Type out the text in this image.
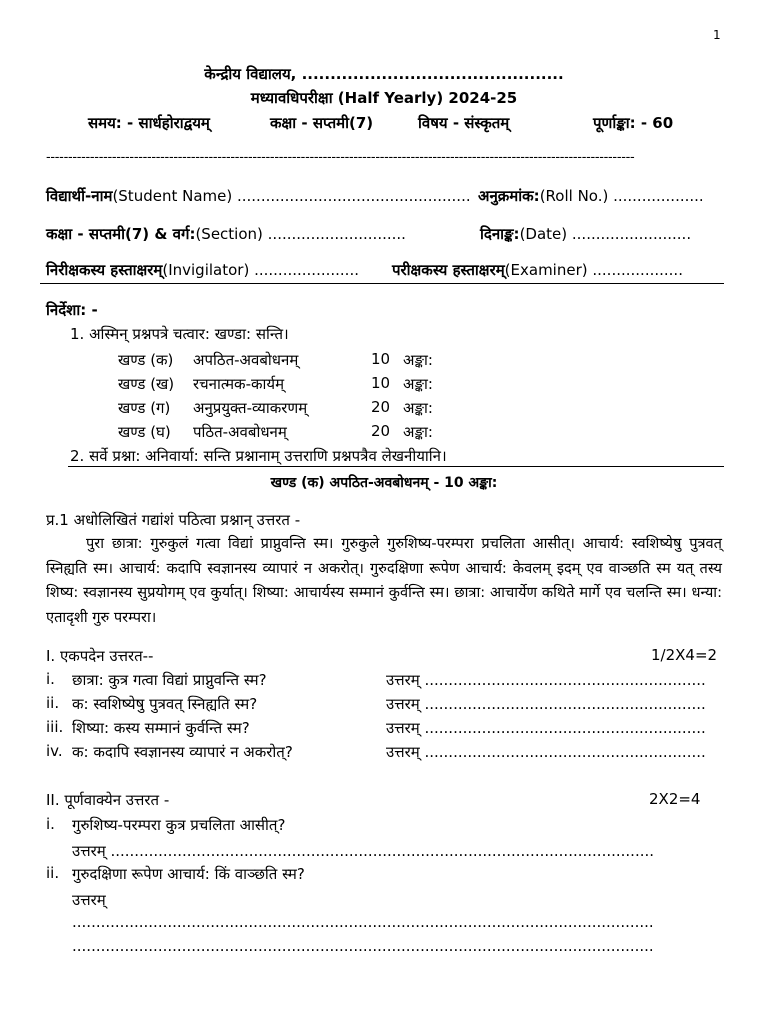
1
केन्द्रीय विद्यालय, ..............................................
मध्यावधिपरीक्षा (Half Yearly) 2024-25
समय: - सार्धहोराद्वयम्	कक्षा - सप्तमी(7)	विषय - संस्कृतम्	पूर्णाङ्का: - 60
--------------------------------------------------------------------------------------------------------------------------------------
विद्यार्थी-नाम(Student Name) ................................................. अनुक्रमांक:(Roll No.) ...................
कक्षा - सप्तमी(7) & वर्ग:(Section) .............................	दिनाङ्क:(Date) .........................
निरीक्षकस्य हस्ताक्षरम्(Invigilator) ...................... परीक्षकस्य हस्ताक्षरम्(Examiner) ...................
निर्देशा: -
1. अस्मिन् प्रश्नपत्रे चत्वार: खण्डा: सन्ति।
खण्ड (क) अपठित-अवबोधनम्	10 अङ्का:
खण्ड (ख) रचनात्मक-कार्यम्	10 अङ्का:
खण्ड (ग) अनुप्रयुक्त-व्याकरणम्	20 अङ्का:
खण्ड (घ) पठित-अवबोधनम्	20 अङ्का:
2. सर्वे प्रश्ना: अनिवार्या: सन्ति प्रश्नानाम् उत्तराणि प्रश्नपत्रैव लेखनीयानि।
खण्ड (क) अपठित-अवबोधनम् - 10 अङ्का:
प्र.1 अधोलिखितं गद्यांशं पठित्वा प्रश्नान् उत्तरत -
पुरा छात्रा: गुरुकुलं गत्वा विद्यां प्राप्नुवन्ति स्म। गुरुकुले गुरुशिष्य-परम्परा प्रचलिता आसीत्। आचार्य: स्वशिष्येषु पुत्रवत् स्निह्यति स्म। आचार्य: कदापि स्वज्ञानस्य व्यापारं न अकरोत्। गुरुदक्षिणा रूपेण आचार्य: केवलम् इदम् एव वाञ्छति स्म यत् तस्य शिष्य: स्वज्ञानस्य सुप्रयोगम् एव कुर्यात्। शिष्या: आचार्यस्य सम्मानं कुर्वन्ति स्म। छात्रा: आचार्येण कथिते मार्गे एव चलन्ति स्म। धन्या: एतादृशी गुरु परम्परा।
I. एकपदेन उत्तरत--	1/2X4=2
i. छात्रा: कुत्र गत्वा विद्यां प्राप्नुवन्ति स्म?	उत्तरम् ...........................................................
ii. क: स्वशिष्येषु पुत्रवत् स्निह्यति स्म?	उत्तरम् ...........................................................
iii. शिष्या: कस्य सम्मानं कुर्वन्ति स्म?	उत्तरम् ...........................................................
iv. क: कदापि स्वज्ञानस्य व्यापारं न अकरोत्?	उत्तरम् ...........................................................
II. पूर्णवाक्येन उत्तरत -	2X2=4
i. गुरुशिष्य-परम्परा कुत्र प्रचलिता आसीत्?
उत्तरम् ..................................................................................................................
ii. गुरुदक्षिणा रूपेण आचार्य: किं वाञ्छति स्म?
उत्तरम्
..........................................................................................................................
..........................................................................................................................
